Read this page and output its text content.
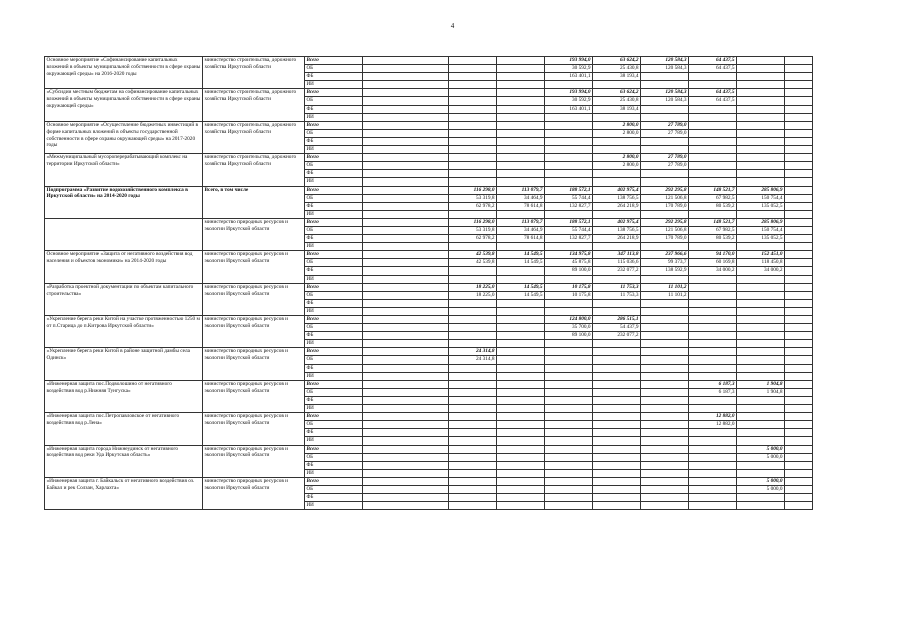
4
Основное мероприятие «Софинансирование капитальных вложений в объекты муниципальной собственности в сфере охраны окружающей среды» на 2016-2020 годы	министерство строительства, дорожного хозяйства Иркутской области	Всего				193 994,0	63 624,2	120 584,3	64 437,5		
		ОБ				30 592,9	25 430,8	120 584,3	64 437,5		
		ФБ				163 401,1	38 193,4				
		ИИ									
«Субсидии местным бюджетам на софинансирование капитальных вложений в объекты муниципальной собственности в сфере охраны окружающей среды»	министерство строительства, дорожного хозяйства Иркутской области	Всего				193 994,0	63 624,2	120 584,3	64 437,5		
		ОБ				30 592,9	25 430,8	120 584,3	64 437,5		
		ФБ				163 401,1	38 193,4				
		ИИ									
Основное мероприятие «Осуществление бюджетных инвестиций в форме капитальных вложений в объекты государственной собственности в сфере охраны окружающей среды» на 2017-2020 годы	министерство строительства, дорожного хозяйства Иркутской области	Всего					2 800,0	27 789,0			
		ОБ					2 800,0	27 789,0			
		ФБ									
		ИИ									
«Межмуниципальный мусороперерабатывающий комплекс на территории Иркутской области»	министерство строительства, дорожного хозяйства Иркутской области	Всего					2 800,0	27 789,0			
		ОБ					2 800,0	27 789,0			
		ФБ									
		ИИ									
Подпрограмма «Развитие водохозяйственного комплекса в Иркутской области» на 2014-2020 годы	Всего, в том числе	Всего		116 298,0	113 079,7	188 572,1	402 975,4	292 295,8	148 521,7	285 806,9	
		ОБ		53 319,8	34 464,9	55 744,4	138 756,5	121 506,8	67 982,5	150 754,4	
		ФБ		62 978,2	78 614,8	132 827,7	264 218,9	170 789,0	80 539,2	135 052,5	
		ИИ									
	министерство природных ресурсов и экологии Иркутской области	Всего		116 298,0	113 079,7	188 572,1	402 975,4	292 295,8	148 521,7	285 806,9	
		ОБ		53 319,8	34 464,9	55 744,4	138 756,5	121 506,8	67 982,5	150 754,4	
		ФБ		62 978,2	78 614,8	132 827,7	264 218,9	170 789,0	80 539,2	135 052,5	
		ИИ									
Основное мероприятие «Защита от негативного воздействия вод населения и объектов экономики» на 2014-2020 годы	министерство природных ресурсов и экологии Иркутской области	Всего		42 539,8	14 549,5	134 975,8	347 113,8	237 966,6	94 170,0	152 451,0	
		ОБ		42 539,8	14 549,5	45 875,8	115 036,6	99 373,7	60 169,8	118 450,8	
		ФБ				89 100,0	232 077,2	138 592,9	34 000,2	34 000,2	
		ИИ									
«Разработка проектной документации по объектам капитального строительства»	министерство природных ресурсов и экологии Иркутской области	Всего		18 225,0	14 549,5	10 175,8	11 753,3	11 101,2			
		ОБ		18 225,0	14 549,5	10 175,8	11 753,3	11 101,2			
		ФБ									
		ИИ									
«Укрепление берега реки Китой на участке протяженностью 1250 м от п.Старица до п.Китрова Иркутской области»	министерство природных ресурсов и экологии Иркутской области	Всего				124 800,0	286 515,1				
		ОБ				35 700,0	54 437,9				
		ФБ				89 100,0	232 077,2				
		ИИ									
«Укрепление берега реки Китой в районе защитной дамбы села Одинск»	министерство природных ресурсов и экологии Иркутской области	Всего		24 314,8							
		ОБ		24 314,8							
		ФБ									
		ИИ									
«Инженерная защита пос.Подволошино от негативного воздействия вод р.Нижняя Тунгуска»	министерство природных ресурсов и экологии Иркутской области	Всего							6 187,3	1 904,8	
		ОБ							6 187,3	1 904,8	
		ФБ									
		ИИ									
«Инженерная защита пос.Петропавловское от негативного воздействия вод р.Лена»	министерство природных ресурсов и экологии Иркутской области	Всего							12 882,0		
		ОБ							12 882,0		
		ФБ									
		ИИ									
«Инженерная защита города Нижнеудинск от негативного воздействия вод реки Уда Иркутская область»	министерство природных ресурсов и экологии Иркутской области	Всего								5 000,0	
		ОБ								5 000,0	
		ФБ									
		ИИ									
«Инженерная защита г. Байкальск от негативного воздействия оз. Байкал и рек Солзан, Харлахта»	министерство природных ресурсов и экологии Иркутской области	Всего								5 000,0	
		ОБ								5 000,0	
		ФБ									
		ИИ									
